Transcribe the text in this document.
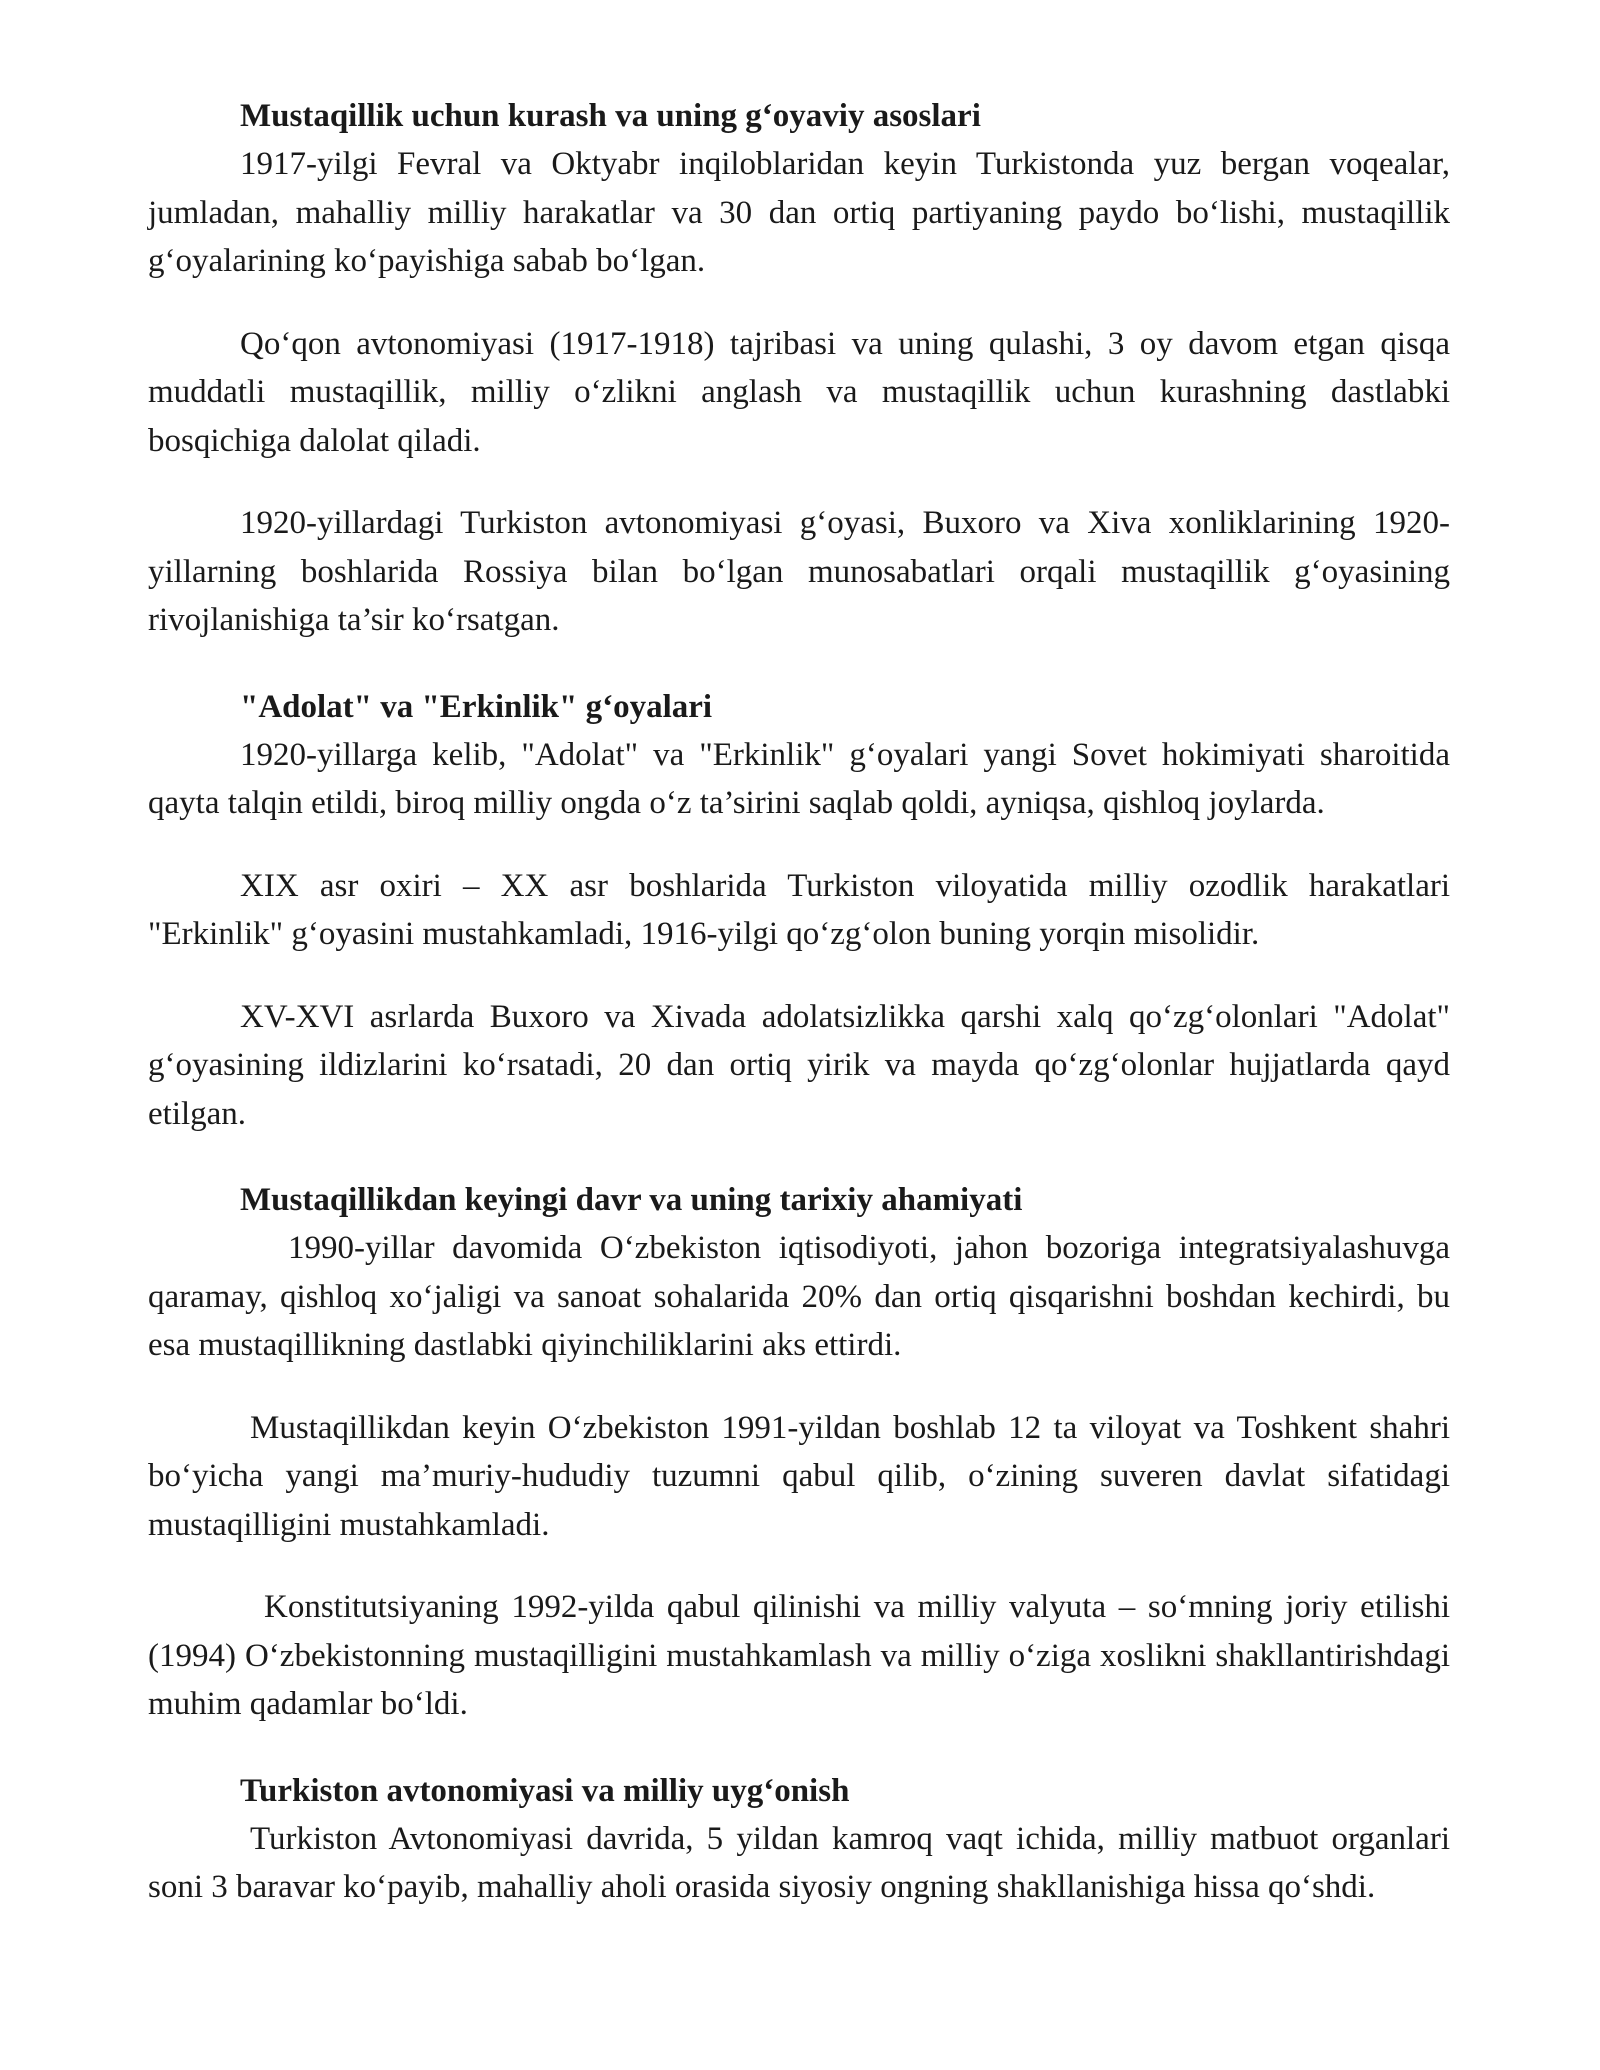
Mustaqillik uchun kurash va uning g‘oyaviy asoslari

1917-yilgi Fevral va Oktyabr inqiloblaridan keyin Turkistonda yuz bergan voqealar, jumladan, mahalliy milliy harakatlar va 30 dan ortiq partiyaning paydo bo‘lishi, mustaqillik g‘oyalarining ko‘payishiga sabab bo‘lgan.

Qo‘qon avtonomiyasi (1917-1918) tajribasi va uning qulashi, 3 oy davom etgan qisqa muddatli mustaqillik, milliy o‘zlikni anglash va mustaqillik uchun kurashning dastlabki bosqichiga dalolat qiladi.

1920-yillardagi Turkiston avtonomiyasi g‘oyasi, Buxoro va Xiva xonliklarining 1920-yillarning boshlarida Rossiya bilan bo‘lgan munosabatlari orqali mustaqillik g‘oyasining rivojlanishiga ta’sir ko‘rsatgan.

"Adolat" va "Erkinlik" g‘oyalari

1920-yillarga kelib, "Adolat" va "Erkinlik" g‘oyalari yangi Sovet hokimiyati sharoitida qayta talqin etildi, biroq milliy ongda o‘z ta’sirini saqlab qoldi, ayniqsa, qishloq joylarda.

XIX asr oxiri – XX asr boshlarida Turkiston viloyatida milliy ozodlik harakatlari "Erkinlik" g‘oyasini mustahkamladi, 1916-yilgi qo‘zg‘olon buning yorqin misolidir.

XV-XVI asrlarda Buxoro va Xivada adolatsizlikka qarshi xalq qo‘zg‘olonlari "Adolat" g‘oyasining ildizlarini ko‘rsatadi, 20 dan ortiq yirik va mayda qo‘zg‘olonlar hujjatlarda qayd etilgan.

Mustaqillikdan keyingi davr va uning tarixiy ahamiyati

1990-yillar davomida O‘zbekiston iqtisodiyoti, jahon bozoriga integratsiyalashuvga qaramay, qishloq xo‘jaligi va sanoat sohalarida 20% dan ortiq qisqarishni boshdan kechirdi, bu esa mustaqillikning dastlabki qiyinchiliklarini aks ettirdi.

Mustaqillikdan keyin O‘zbekiston 1991-yildan boshlab 12 ta viloyat va Toshkent shahri bo‘yicha yangi ma’muriy-hududiy tuzumni qabul qilib, o‘zining suveren davlat sifatidagi mustaqilligini mustahkamladi.

Konstitutsiyaning 1992-yilda qabul qilinishi va milliy valyuta – so‘mning joriy etilishi (1994) O‘zbekistonning mustaqilligini mustahkamlash va milliy o‘ziga xoslikni shakllantirishdagi muhim qadamlar bo‘ldi.

Turkiston avtonomiyasi va milliy uyg‘onish

Turkiston Avtonomiyasi davrida, 5 yildan kamroq vaqt ichida, milliy matbuot organlari soni 3 baravar ko‘payib, mahalliy aholi orasida siyosiy ongning shakllanishiga hissa qo‘shdi.
